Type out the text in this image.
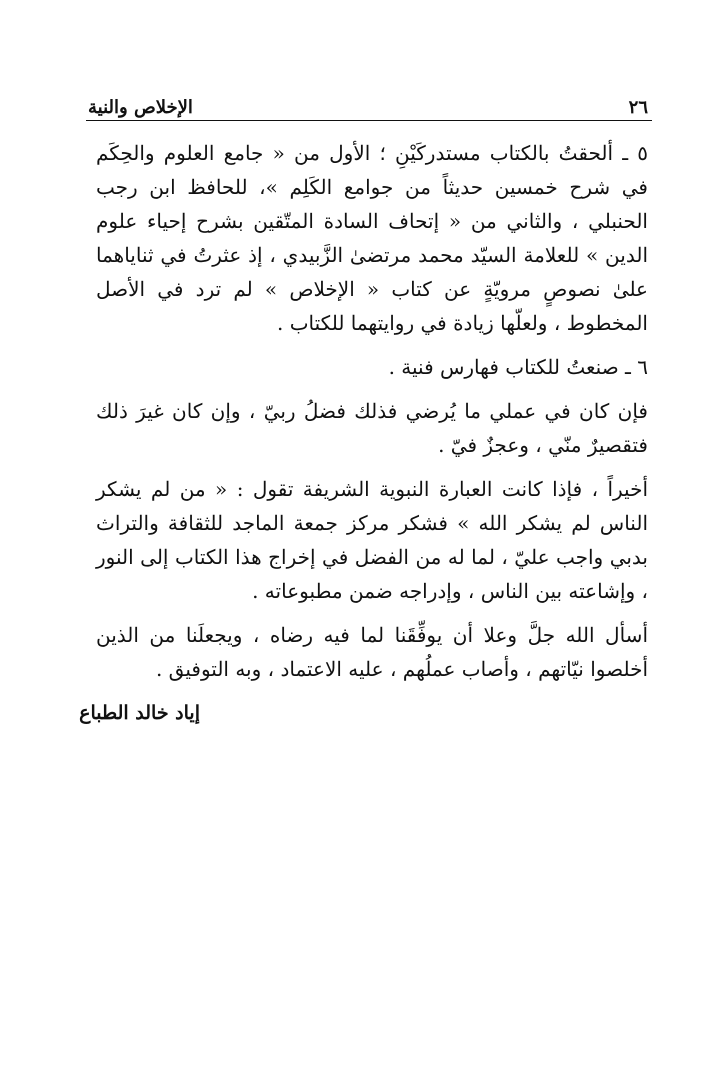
٢٦
الإخلاص والنية

٥ ـ ألحقتُ بالكتاب مستدركَيْنِ ؛ الأول من « جامع العلوم والحِكَم في شرح خمسين حديثاً من جوامع الكَلِم »، للحافظ ابن رجب الحنبلي ، والثاني من « إتحاف السادة المتّقين بشرح إحياء علوم الدين » للعلامة السيّد محمد مرتضىٰ الزَّبيدي ، إذ عثرتُ في ثناياهما علىٰ نصوصٍ مرويّةٍ عن كتاب « الإخلاص » لم ترد في الأصل المخطوط ، ولعلّها زيادة في روايتهما للكتاب .

٦ ـ صنعتُ للكتاب فهارس فنية .

فإن كان في عملي ما يُرضي فذلك فضلُ ربيّ ، وإن كان غيرَ ذلك فتقصيرٌ منّي ، وعجزٌ فيّ .

أخيراً ، فإذا كانت العبارة النبوية الشريفة تقول : « من لم يشكر الناس لم يشكر الله » فشكر مركز جمعة الماجد للثقافة والتراث بدبي واجب عليّ ، لما له من الفضل في إخراج هذا الكتاب إلى النور ، وإشاعته بين الناس ، وإدراجه ضمن مطبوعاته .

أسأل الله جلَّ وعلا أن يوفِّقَنا لما فيه رضاه ، ويجعلَنا من الذين أخلصوا نيّاتهم ، وأصاب عملُهم ، عليه الاعتماد ، وبه التوفيق .

إياد خالد الطباع
